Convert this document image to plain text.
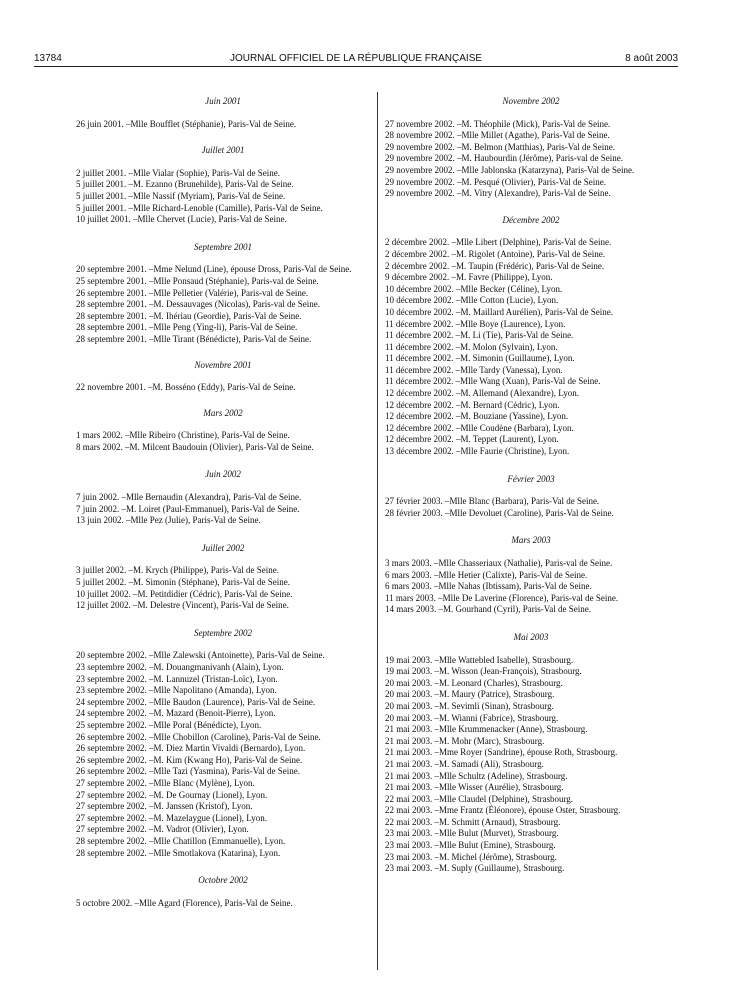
13784	JOURNAL OFFICIEL DE LA RÉPUBLIQUE FRANÇAISE	8 août 2003
Juin 2001
26 juin 2001. – Mlle Boufflet (Stéphanie), Paris-Val de Seine.
Juillet 2001
2 juillet 2001. – Mlle Vialar (Sophie), Paris-Val de Seine.
5 juillet 2001. – M. Ezanno (Brunehilde), Paris-Val de Seine.
5 juillet 2001. – Mlle Nassif (Myriam), Paris-Val de Seine.
5 juillet 2001. – Mlle Richard-Lenoble (Camille), Paris-Val de Seine.
10 juillet 2001. – Mlle Chervet (Lucie), Paris-Val de Seine.
Septembre 2001
20 septembre 2001. – Mme Nelund (Line), épouse Dross, Paris-Val de Seine.
25 septembre 2001. – Mlle Ponsaud (Stéphanie), Paris-val de Seine.
26 septembre 2001. – Mlle Pelletier (Valérie), Paris-val de Seine.
28 septembre 2001. – M. Dessauvages (Nicolas), Paris-val de Seine.
28 septembre 2001. – M. Ihériau (Geordie), Paris-Val de Seine.
28 septembre 2001. – Mlle Peng (Ying-li), Paris-Val de Seine.
28 septembre 2001. – Mlle Tirant (Bénédicte), Paris-Val de Seine.
Novembre 2001
22 novembre 2001. – M. Bosséno (Eddy), Paris-Val de Seine.
Mars 2002
1 mars 2002. – Mlle Ribeiro (Christine), Paris-Val de Seine.
8 mars 2002. – M. Milcent Baudouin (Olivier), Paris-Val de Seine.
Juin 2002
7 juin 2002. – Mlle Bernaudin (Alexandra), Paris-Val de Seine.
7 juin 2002. – M. Loiret (Paul-Emmanuel), Paris-Val de Seine.
13 juin 2002. – Mlle Pez (Julie), Paris-Val de Seine.
Juillet 2002
3 juillet 2002. – M. Krych (Philippe), Paris-Val de Seine.
5 juillet 2002. – M. Simonin (Stéphane), Paris-Val de Seine.
10 juillet 2002. – M. Petitdidier (Cédric), Paris-Val de Seine.
12 juillet 2002. – M. Delestre (Vincent), Paris-Val de Seine.
Septembre 2002
20 septembre 2002. – Mlle Zalewski (Antoinette), Paris-Val de Seine.
23 septembre 2002. – M. Douangmanivanh (Alain), Lyon.
23 septembre 2002. – M. Lannuzel (Tristan-Loïc), Lyon.
23 septembre 2002. – Mlle Napolitano (Amanda), Lyon.
24 septembre 2002. – Mlle Baudon (Laurence), Paris-Val de Seine.
24 septembre 2002. – M. Mazard (Benoit-Pierre), Lyon.
25 septembre 2002. – Mlle Poral (Bénédicte), Lyon.
26 septembre 2002. – Mlle Chobillon (Caroline), Paris-Val de Seine.
26 septembre 2002. – M. Diez Martin Vivaldi (Bernardo), Lyon.
26 septembre 2002. – M. Kim (Kwang Ho), Paris-Val de Seine.
26 septembre 2002. – Mlle Tazi (Yasmina), Paris-Val de Seine.
27 septembre 2002. – Mlle Blanc (Mylène), Lyon.
27 septembre 2002. – M. De Gournay (Lionel), Lyon.
27 septembre 2002. – M. Janssen (Kristof), Lyon.
27 septembre 2002. – M. Mazelaygue (Lionel), Lyon.
27 septembre 2002. – M. Vadrot (Olivier), Lyon.
28 septembre 2002. – Mlle Chatillon (Emmanuelle), Lyon.
28 septembre 2002. – Mlle Smotlakova (Katarina), Lyon.
Octobre 2002
5 octobre 2002. – Mlle Agard (Florence), Paris-Val de Seine.
Novembre 2002
27 novembre 2002. – M. Théophile (Mick), Paris-Val de Seine.
28 novembre 2002. – Mlle Millet (Agathe), Paris-Val de Seine.
29 novembre 2002. – M. Belmon (Matthias), Paris-Val de Seine.
29 novembre 2002. – M. Haubourdin (Jérôme), Paris-val de Seine.
29 novembre 2002. – Mlle Jablonska (Katarzyna), Paris-Val de Seine.
29 novembre 2002. – M. Pesqué (Olivier), Paris-Val de Seine.
29 novembre 2002. – M. Vitry (Alexandre), Paris-Val de Seine.
Décembre 2002
2 décembre 2002. – Mlle Libert (Delphine), Paris-Val de Seine.
2 décembre 2002. – M. Rigolet (Antoine), Paris-Val de Seine.
2 décembre 2002. – M. Taupin (Frédéric), Paris-Val de Seine.
9 décembre 2002. – M. Favre (Philippe), Lyon.
10 décembre 2002. – Mlle Becker (Céline), Lyon.
10 décembre 2002. – Mlle Cotton (Lucie), Lyon.
10 décembre 2002. – M. Maillard Aurélien), Paris-Val de Seine.
11 décembre 2002. – Mlle Boye (Laurence), Lyon.
11 décembre 2002. – M. Li (Tie), Paris-Val de Seine.
11 décembre 2002. – M. Molon (Sylvain), Lyon.
11 décembre 2002. – M. Simonin (Guillaume), Lyon.
11 décembre 2002. – Mlle Tardy (Vanessa), Lyon.
11 décembre 2002. – Mlle Wang (Xuan), Paris-Val de Seine.
12 décembre 2002. – M. Allemand (Alexandre), Lyon.
12 décembre 2002. – M. Bernard (Cédric), Lyon.
12 décembre 2002. – M. Bouziane (Yassine), Lyon.
12 décembre 2002. – Mlle Coudène (Barbara), Lyon.
12 décembre 2002. – M. Teppet (Laurent), Lyon.
13 décembre 2002. – Mlle Faurie (Christine), Lyon.
Février 2003
27 février 2003. – Mlle Blanc (Barbara), Paris-Val de Seine.
28 février 2003. – Mlle Devoluet (Caroline), Paris-Val de Seine.
Mars 2003
3 mars 2003. – Mlle Chasseriaux (Nathalie), Paris-val de Seine.
6 mars 2003. – Mlle Hetier (Calixte), Paris-Val de Seine.
6 mars 2003. – Mlle Nahas (Ibtissam), Paris-Val de Seine.
11 mars 2003. – Mlle De Laverine (Florence), Paris-val de Seine.
14 mars 2003. – M. Gourhand (Cyril), Paris-Val de Seine.
Mai 2003
19 mai 2003. – Mlle Wattebled Isabelle), Strasbourg.
19 mai 2003. – M. Wisson (Jean-François), Strasbourg.
20 mai 2003. – M. Leonard (Charles), Strasbourg.
20 mai 2003. – M. Maury (Patrice), Strasbourg.
20 mai 2003. – M. Sevimli (Sinan), Strasbourg.
20 mai 2003. – M. Wianni (Fabrice), Strasbourg.
21 mai 2003. – Mlle Krummenacker (Anne), Strasbourg.
21 mai 2003. – M. Mohr (Marc), Strasbourg.
21 mai 2003. – Mme Royer (Sandrine), épouse Roth, Strasbourg.
21 mai 2003. – M. Samadi (Ali), Strasbourg.
21 mai 2003. – Mlle Schultz (Adeline), Strasbourg.
21 mai 2003. – Mlle Wisser (Aurélie), Strasbourg.
22 mai 2003. – Mlle Claudel (Delphine), Strasbourg.
22 mai 2003. – Mme Frantz (Éléonore), épouse Oster, Strasbourg.
22 mai 2003. – M. Schmitt (Arnaud), Strasbourg.
23 mai 2003. – Mlle Bulut (Murvet), Strasbourg.
23 mai 2003. – Mlle Bulut (Emine), Strasbourg.
23 mai 2003. – M. Michel (Jérôme), Strasbourg.
23 mai 2003. – M. Suply (Guillaume), Strasbourg.
